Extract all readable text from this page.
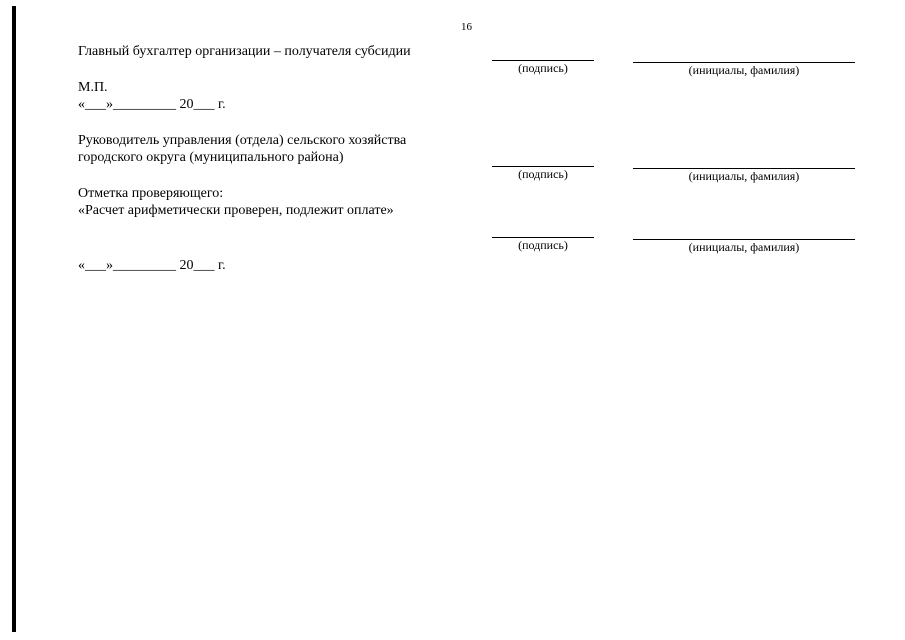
16
Главный бухгалтер организации – получателя субсидии
(подпись)	(инициалы, фамилия)
М.П.
«___»_________ 20___ г.
Руководитель управления (отдела) сельского хозяйства
городского округа (муниципального района)
(подпись)	(инициалы, фамилия)
Отметка проверяющего:
«Расчет арифметически проверен, подлежит оплате»
(подпись)	(инициалы, фамилия)
«___»_________ 20___ г.
